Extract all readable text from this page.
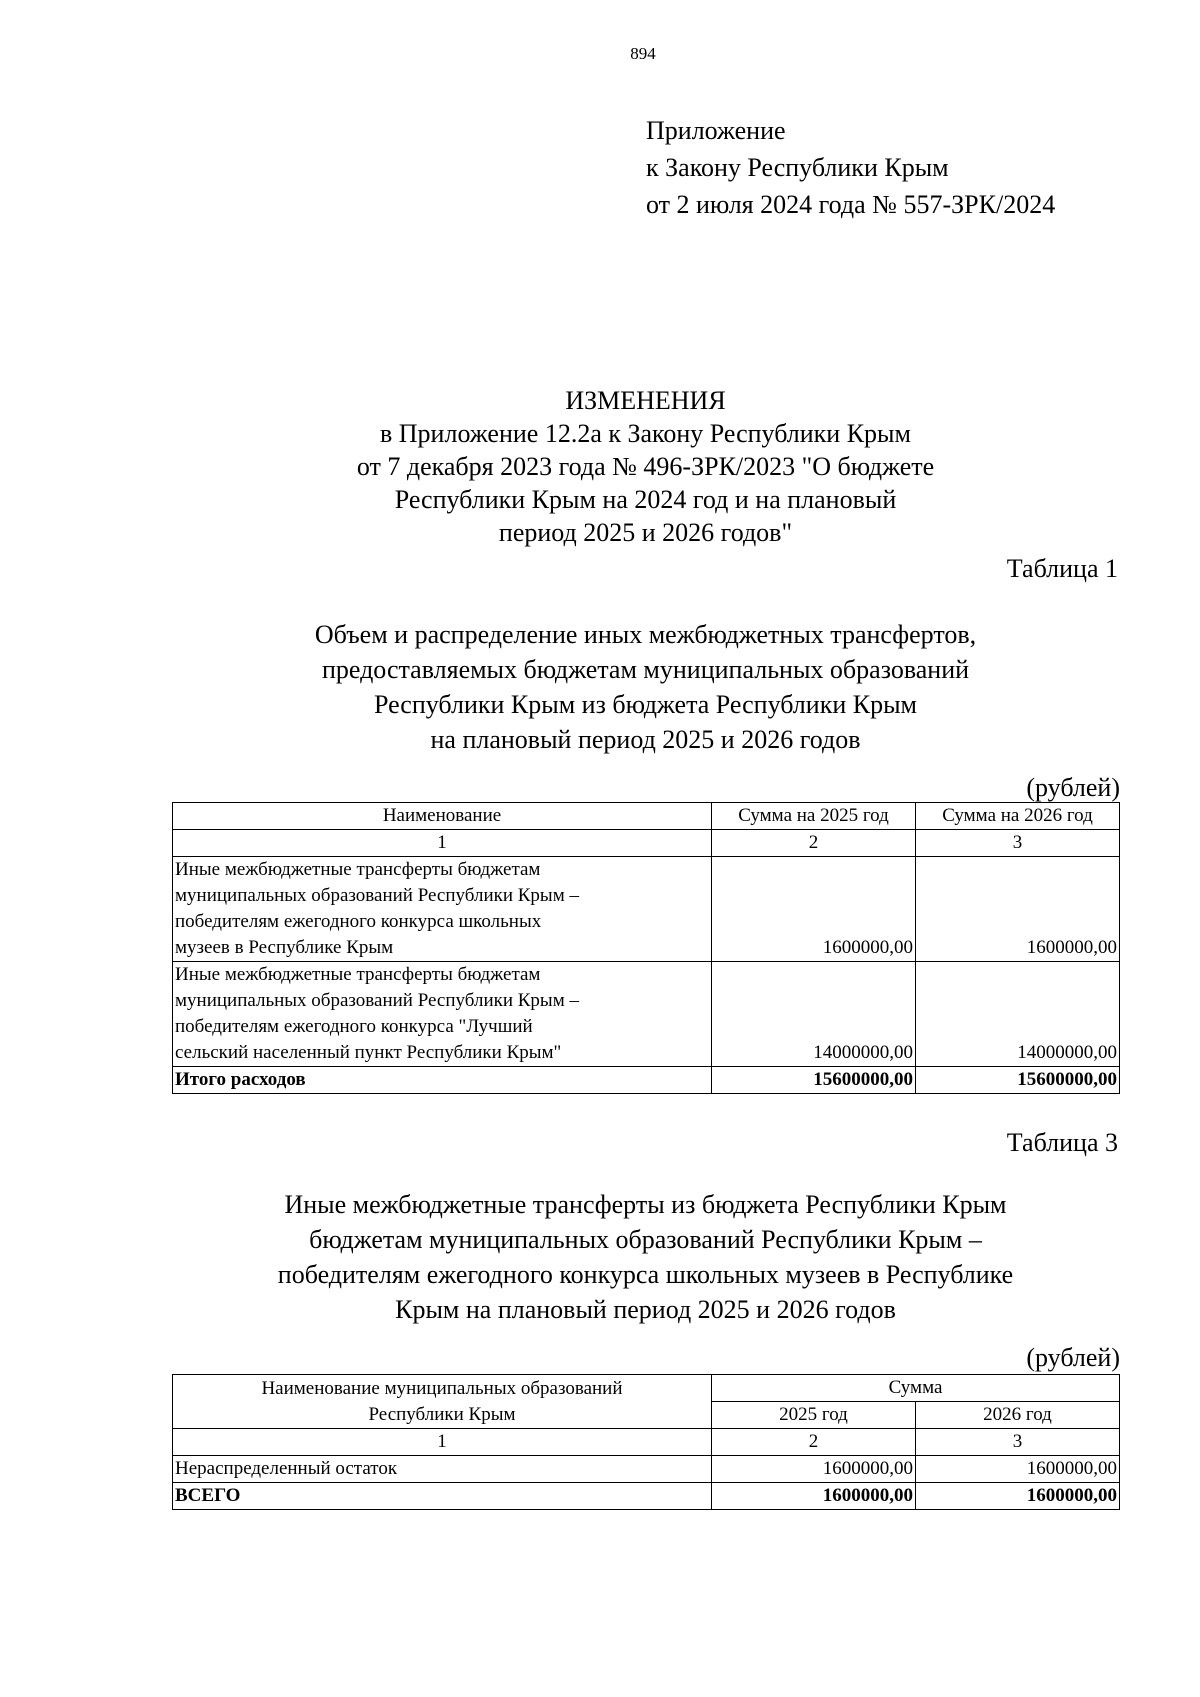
894
Приложение
к Закону Республики Крым
от 2 июля 2024 года № 557-ЗРК/2024
ИЗМЕНЕНИЯ
в Приложение 12.2а к Закону Республики Крым
от 7 декабря 2023 года № 496-ЗРК/2023 "О бюджете
Республики Крым на 2024 год и на плановый
период 2025 и 2026 годов"
Таблица 1
Объем и распределение иных межбюджетных трансфертов,
предоставляемых бюджетам муниципальных образований
Республики Крым из бюджета Республики Крым
на плановый период 2025 и 2026 годов
(рублей)
Наименование	Сумма на 2025 год	Сумма на 2026 год
1	2	3
Иные межбюджетные трансферты бюджетам
муниципальных образований Республики Крым –
победителям ежегодного конкурса школьных
музеев в Республике Крым	1600000,00	1600000,00
Иные межбюджетные трансферты бюджетам
муниципальных образований Республики Крым –
победителям ежегодного конкурса "Лучший
сельский населенный пункт Республики Крым"	14000000,00	14000000,00
Итого расходов	15600000,00	15600000,00
Таблица 3
Иные межбюджетные трансферты из бюджета Республики Крым
бюджетам муниципальных образований Республики Крым –
победителям ежегодного конкурса школьных музеев в Республике
Крым на плановый период 2025 и 2026 годов
(рублей)
Наименование муниципальных образований
Республики Крым	Сумма	
	2025 год	2026 год
1	2	3
Нераспределенный остаток	1600000,00	1600000,00
ВСЕГО	1600000,00	1600000,00
